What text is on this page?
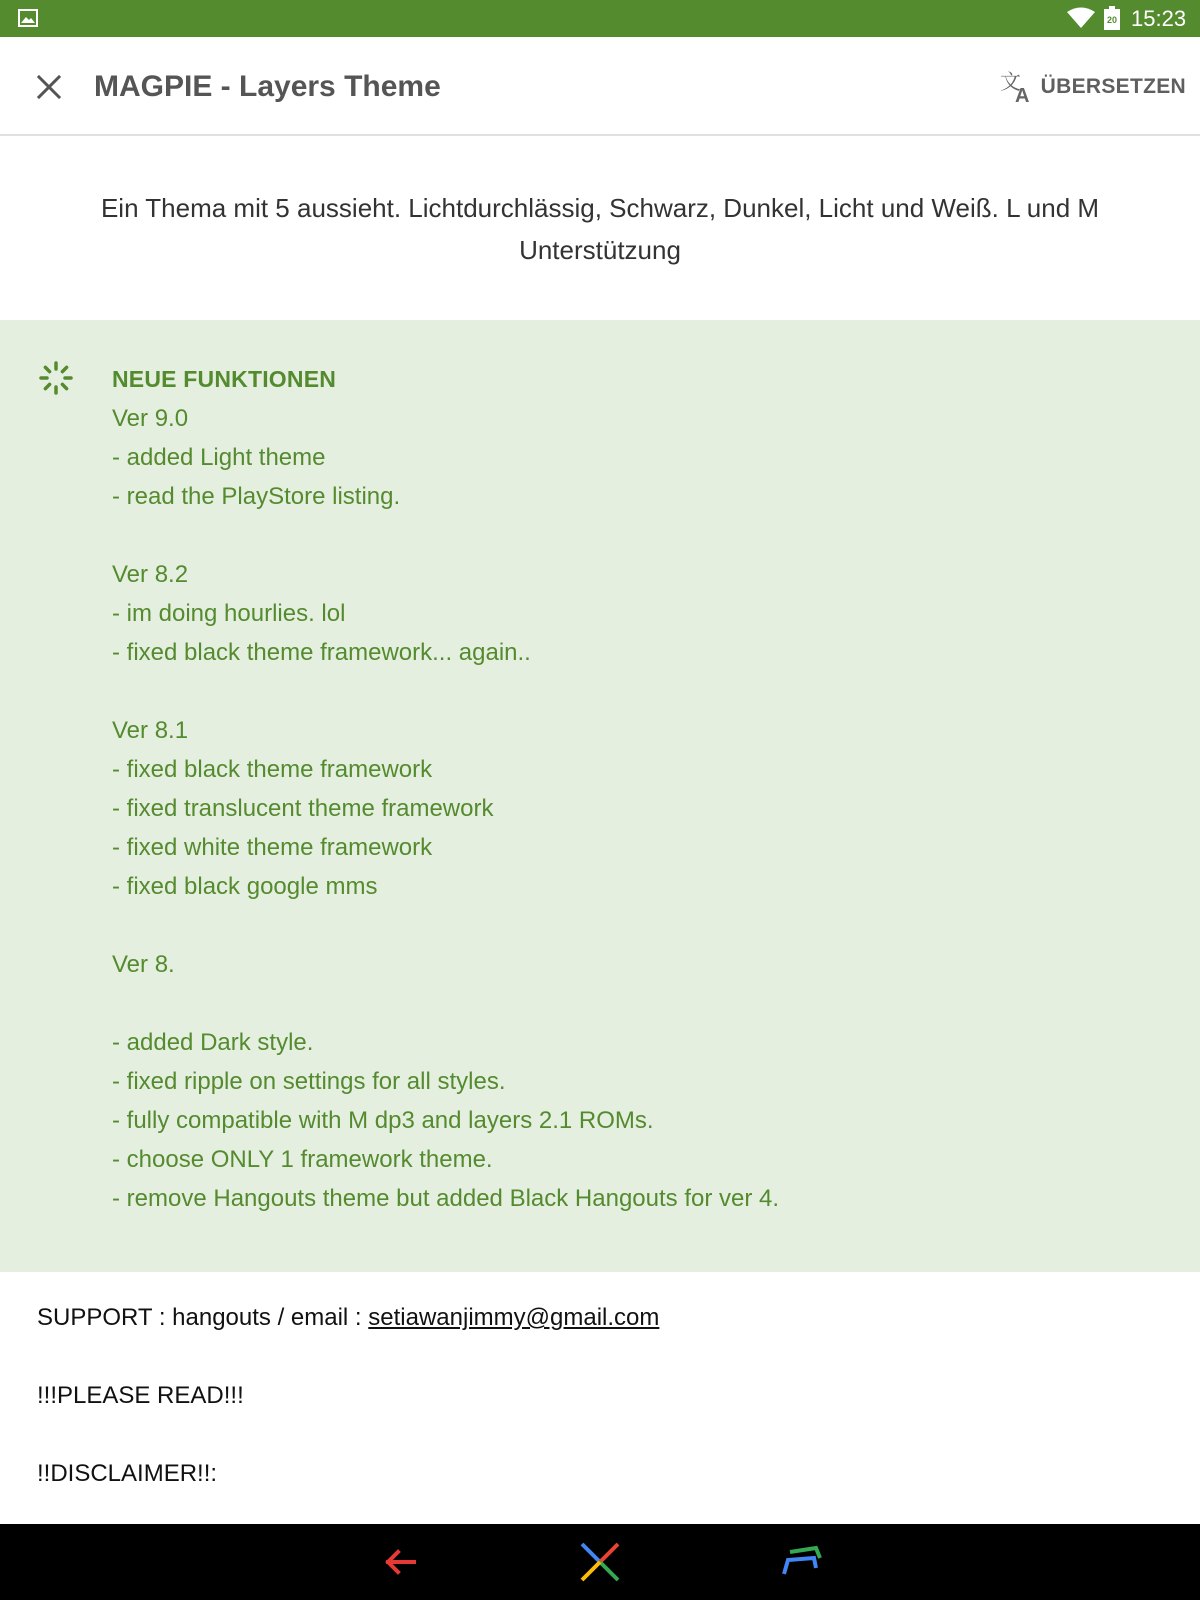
20 15:23
MAGPIE - Layers Theme	文
A ÜBERSETZEN

Ein Thema mit 5 aussieht. Lichtdurchlässig, Schwarz, Dunkel, Licht und Weiß. L und M Unterstützung

NEUE FUNKTIONEN
Ver 9.0
- added Light theme
- read the PlayStore listing.
Ver 8.2
- im doing hourlies. lol
- fixed black theme framework... again..
Ver 8.1
- fixed black theme framework
- fixed translucent theme framework
- fixed white theme framework
- fixed black google mms
Ver 8.
- added Dark style.
- fixed ripple on settings for all styles.
- fully compatible with M dp3 and layers 2.1 ROMs.
- choose ONLY 1 framework theme.
- remove Hangouts theme but added Black Hangouts for ver 4.
SUPPORT : hangouts / email : setiawanjimmy@gmail.com
!!!PLEASE READ!!!
!!DISCLAIMER!!:
